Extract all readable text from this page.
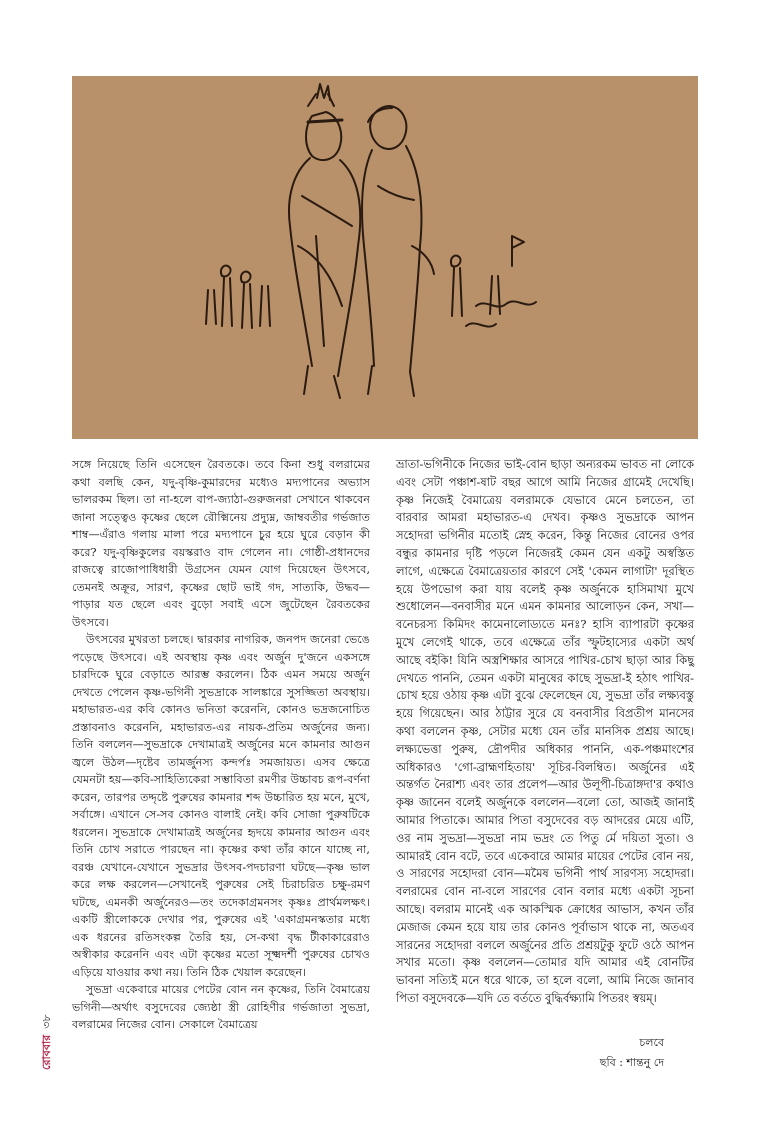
সঙ্গে নিয়েছে তিনি এসেছেন রৈবতকে। তবে কিনা শুধু বলরামের কথা বলছি কেন, যদু-বৃষ্ণি-কুমারদের মধ্যেও মদ্যপানের অভ্যাস ভালরকম ছিল। তা না-হলে বাপ-জ্যাঠা-গুরুজনরা সেখানে থাকবেন জানা সত্ত্বেও কৃষ্ণের ছেলে রৌক্মিনেয় প্রদ্যুম্ন, জাম্ববতীর গর্ভজাত শাম্ব—এঁরাও গলায় মালা পরে মদ্যপানে চুর হয়ে ঘুরে বেড়ান কী করে? যদু-বৃষ্ণিকুলের বয়স্করাও বাদ গেলেন না। গোষ্ঠী-প্রধানদের রাজত্বে রাজোপাধিধারী উগ্রসেন যেমন যোগ দিয়েছেন উৎসবে, তেমনই অক্রূর, সারণ, কৃষ্ণের ছোট ভাই গদ, সাত্যকি, উদ্ধব—পাড়ার যত ছেলে এবং বুড়ো সবাই এসে জুটেছেন রৈবতকের উৎসবে।

উৎসবের মুখরতা চলছে। দ্বারকার নাগরিক, জনপদ জনেরা ভেঙে পড়েছে উৎসবে। এই অবস্থায় কৃষ্ণ এবং অর্জুন দু'জনে একসঙ্গে চারদিকে ঘুরে বেড়াতে আরম্ভ করলেন। ঠিক এমন সময়ে অর্জুন দেখতে পেলেন কৃষ্ণ-ভগিনী সুভদ্রাকে সালঙ্কারে সুসজ্জিতা অবস্থায়। মহাভারত-এর কবি কোনও ভনিতা করেননি, কোনও ভদ্রজনোচিত প্রস্তাবনাও করেননি, মহাভারত-এর নায়ক-প্রতিম অর্জুনের জন্য। তিনি বললেন—সুভদ্রাকে দেখামাত্রই অর্জুনের মনে কামনার আগুন জ্বলে উঠল—দৃষ্টেব তামর্জুনস্য কন্দর্পঃ সমজায়ত। এসব ক্ষেত্রে যেমনটা হয়—কবি-সাহিত্যিকেরা সম্ভাবিতা রমণীর উচ্চাবচ রূপ-বর্ণনা করেন, তারপর তদ্দৃষ্টে পুরুষের কামনার শব্দ উচ্চারিত হয় মনে, মুখে, সর্বাঙ্গে। এখানে সে-সব কোনও বালাই নেই। কবি সোজা পুরুষটিকে ধরলেন। সুভদ্রাকে দেখামাত্রই অর্জুনের হৃদয়ে কামনার আগুন এবং তিনি চোখ সরাতে পারছেন না। কৃষ্ণের কথা তাঁর কানে যাচ্ছে না, বরঞ্চ যেখানে-যেখানে সুভদ্রার উৎসব-পদচারণা ঘটছে—কৃষ্ণ ভাল করে লক্ষ করলেন—সেখানেই পুরুষের সেই চিরাচরিত চক্ষু-রমণ ঘটছে, এমনকী অর্জুনেরও—তং তদেকাগ্রমনসং কৃষ্ণঃ প্রার্থমলক্ষৎ। একটি স্ত্রীলোককে দেখার পর, পুরুষের এই 'একাগ্রমনস্কতার মধ্যে এক ধরনের রতিসংকল্প তৈরি হয়, সে-কথা বৃদ্ধ টীকাকারেরাও অস্বীকার করেননি এবং এটা কৃষ্ণের মতো সূক্ষ্মদর্শী পুরুষের চোখও এড়িয়ে যাওয়ার কথা নয়। তিনি ঠিক খেয়াল করেছেন।

সুভদ্রা একেবারে মায়ের পেটের বোন নন কৃষ্ণের, তিনি বৈমাত্রেয় ভগিনী—অর্থাৎ বসুদেবের জ্যেষ্ঠা স্ত্রী রোহিণীর গর্ভজাতা সুভদ্রা, বলরামের নিজের বোন। সেকালে বৈমাত্রেয়

ভ্রাতা-ভগিনীকে নিজের ভাই-বোন ছাড়া অন্যরকম ভাবত না লোকে এবং সেটা পঞ্চাশ-ষাট বছর আগে আমি নিজের গ্রামেই দেখেছি। কৃষ্ণ নিজেই বৈমাত্রেয় বলরামকে যেভাবে মেনে চলতেন, তা বারবার আমরা মহাভারত-এ দেখব। কৃষ্ণও সুভদ্রাকে আপন সহোদরা ভগিনীর মতোই স্নেহ করেন, কিন্তু নিজের বোনের ওপর বন্ধুর কামনার দৃষ্টি পড়লে নিজেরই কেমন যেন একটু অস্বস্তিত লাগে, এক্ষেত্রে বৈমাত্রেয়তার কারণে সেই 'কেমন লাগাটা' দূরস্থিত হয়ে উপভোগ করা যায় বলেই কৃষ্ণ অর্জুনকে হাসিমাখা মুখে শুধোলেন—বনবাসীর মনে এমন কামনার আলোড়ন কেন, সখা—বনেচরস্য কিমিদং কামেনালোড্যতে মনঃ? হাসি ব্যাপারটা কৃষ্ণের মুখে লেগেই থাকে, তবে এক্ষেত্রে তাঁর স্ফুটহাস্যের একটা অর্থ আছে বইকি! যিনি অস্ত্রশিক্ষার আসরে পাখির-চোখ ছাড়া আর কিছু দেখতে পাননি, তেমন একটা মানুষের কাছে সুভদ্রা-ই হঠাৎ পাখির-চোখ হয়ে ওঠায় কৃষ্ণ এটা বুঝে ফেলেছেন যে, সুভদ্রা তাঁর লক্ষ্যবস্তু হয়ে গিয়েছেন। আর ঠাট্টার সুরে যে বনবাসীর বিপ্রতীপ মানসের কথা বললেন কৃষ্ণ, সেটার মধ্যে যেন তাঁর মানসিক প্রশ্রয় আছে। লক্ষ্যভেত্তা পুরুষ, দ্রৌপদীর অধিকার পাননি, এক-পঞ্চমাংশের অধিকারও 'গো-ব্রাহ্মণহিতায়' সূচির-বিলম্বিত। অর্জুনের এই অন্তর্গত নৈরাশ্য এবং তার প্রলেপ—আর উলূপী-চিত্রাঙ্গদা'র কথাও কৃষ্ণ জানেন বলেই অর্জুনকে বললেন—বলো তো, আজই জানাই আমার পিতাকে। আমার পিতা বসুদেবের বড় আদরের মেয়ে এটি, ওর নাম সুভদ্রা—সুভদ্রা নাম ভদ্রং তে পিতু র্মে দয়িতা সুতা। ও আমারই বোন বটে, তবে একেবারে আমার মায়ের পেটের বোন নয়, ও সারণের সহোদরা বোন—মমৈষ ভগিনী পার্থ সারণস্য সহোদরা। বলরামের বোন না-বলে সারণের বোন বলার মধ্যে একটা সূচনা আছে। বলরাম মানেই এক আকস্মিক ক্রোধের আভাস, কখন তাঁর মেজাজ কেমন হয়ে যায় তার কোনও পূর্বাভাস থাকে না, অতএব সারনের সহোদরা বললে অর্জুনের প্রতি প্রশ্রয়টুকু ফুটে ওঠে আপন সখার মতো। কৃষ্ণ বললেন—তোমার যদি আমার এই বোনটির ভাবনা সত্যিই মনে ধরে থাকে, তা হলে বলো, আমি নিজে জানাব পিতা বসুদেবকে—যদি তে বর্ততে বুদ্ধির্বক্ষ্যামি পিতরং স্বয়ম্‌।

চলবে
ছবি : শান্তনু দে
রোববার৩৮
